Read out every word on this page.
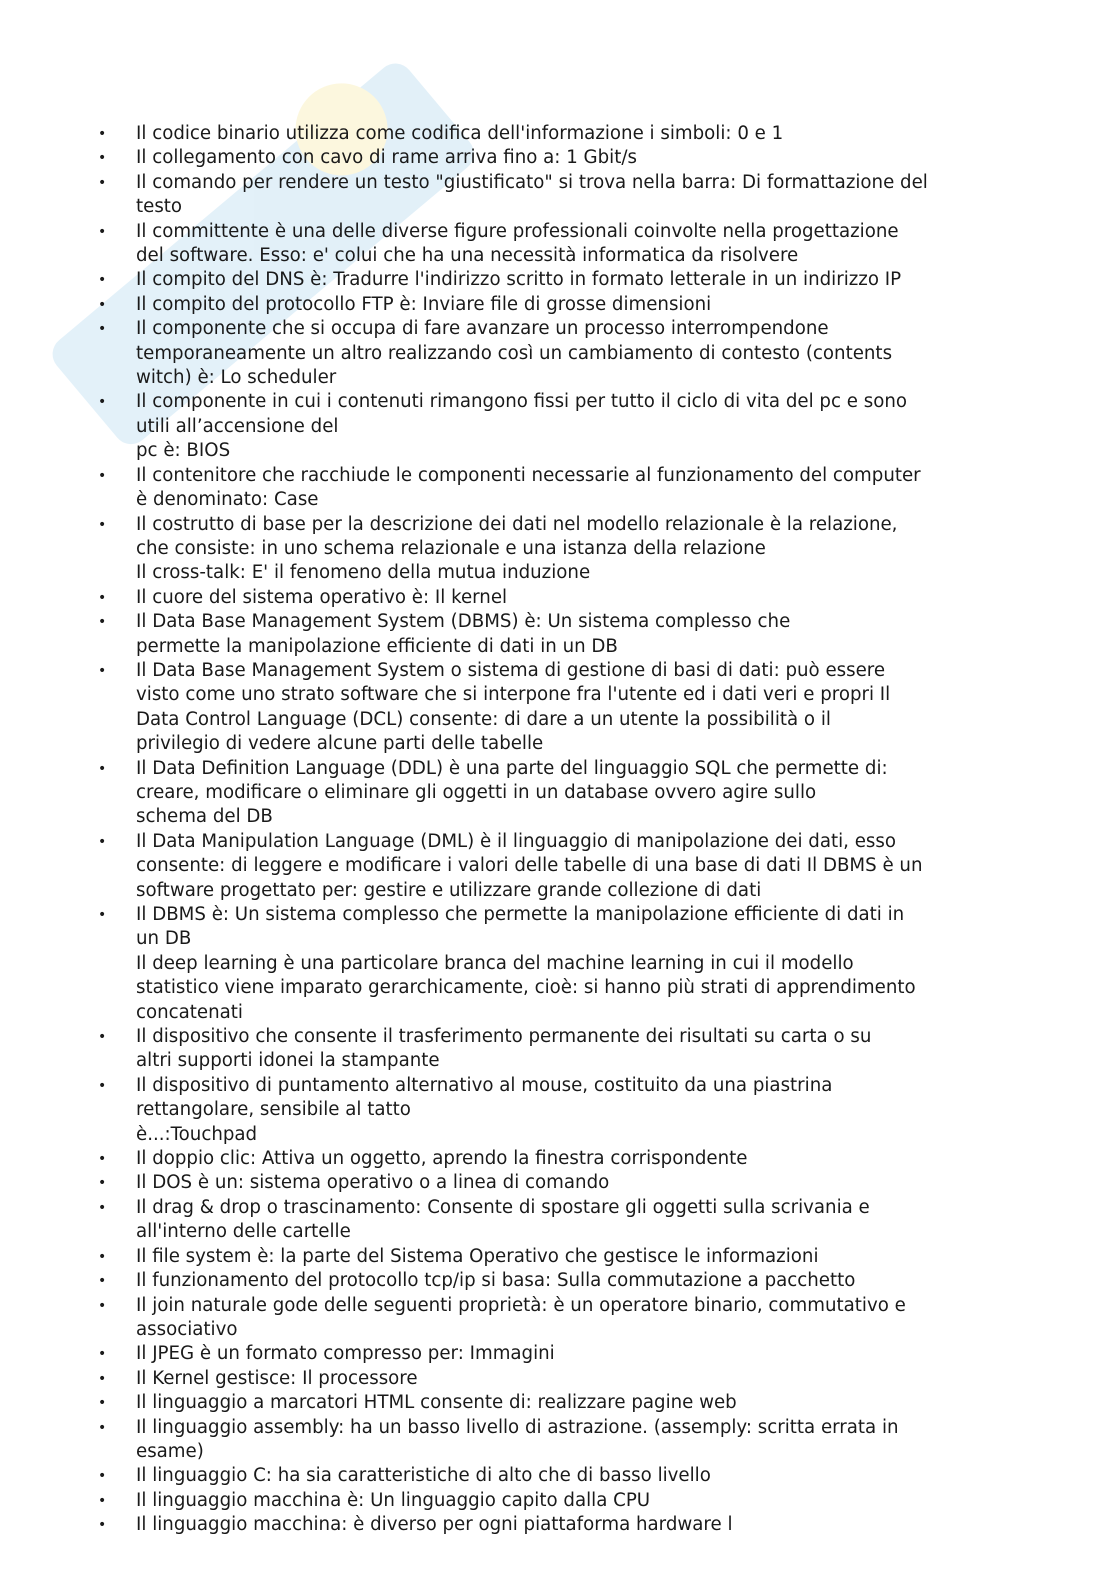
• Il codice binario utilizza come codifica dell'informazione i simboli: 0 e 1
• Il collegamento con cavo di rame arriva fino a: 1 Gbit/s
• Il comando per rendere un testo "giustificato" si trova nella barra: Di formattazione del
testo
• Il committente è una delle diverse figure professionali coinvolte nella progettazione
del software. Esso: e' colui che ha una necessità informatica da risolvere
• Il compito del DNS è: Tradurre l'indirizzo scritto in formato letterale in un indirizzo IP
• Il compito del protocollo FTP è: Inviare file di grosse dimensioni
• Il componente che si occupa di fare avanzare un processo interrompendone
temporaneamente un altro realizzando così un cambiamento di contesto (contents
witch) è: Lo scheduler
• Il componente in cui i contenuti rimangono fissi per tutto il ciclo di vita del pc e sono
utili all’accensione del
pc è: BIOS
• Il contenitore che racchiude le componenti necessarie al funzionamento del computer
è denominato: Case
• Il costrutto di base per la descrizione dei dati nel modello relazionale è la relazione,
che consiste: in uno schema relazionale e una istanza della relazione
Il cross-talk: E' il fenomeno della mutua induzione
• Il cuore del sistema operativo è: Il kernel
• Il Data Base Management System (DBMS) è: Un sistema complesso che
permette la manipolazione efficiente di dati in un DB
• Il Data Base Management System o sistema di gestione di basi di dati: può essere
visto come uno strato software che si interpone fra l'utente ed i dati veri e propri Il
Data Control Language (DCL) consente: di dare a un utente la possibilità o il
privilegio di vedere alcune parti delle tabelle
• Il Data Definition Language (DDL) è una parte del linguaggio SQL che permette di:
creare, modificare o eliminare gli oggetti in un database ovvero agire sullo
schema del DB
• Il Data Manipulation Language (DML) è il linguaggio di manipolazione dei dati, esso
consente: di leggere e modificare i valori delle tabelle di una base di dati Il DBMS è un
software progettato per: gestire e utilizzare grande collezione di dati
• Il DBMS è: Un sistema complesso che permette la manipolazione efficiente di dati in
un DB
Il deep learning è una particolare branca del machine learning in cui il modello
statistico viene imparato gerarchicamente, cioè: si hanno più strati di apprendimento
concatenati
• Il dispositivo che consente il trasferimento permanente dei risultati su carta o su
altri supporti idonei la stampante
• Il dispositivo di puntamento alternativo al mouse, costituito da una piastrina
rettangolare, sensibile al tatto
è...:Touchpad
• Il doppio clic: Attiva un oggetto, aprendo la finestra corrispondente
• Il DOS è un: sistema operativo o a linea di comando
• Il drag & drop o trascinamento: Consente di spostare gli oggetti sulla scrivania e
all'interno delle cartelle
• Il file system è: la parte del Sistema Operativo che gestisce le informazioni
• Il funzionamento del protocollo tcp/ip si basa: Sulla commutazione a pacchetto
• Il join naturale gode delle seguenti proprietà: è un operatore binario, commutativo e
associativo
• Il JPEG è un formato compresso per: Immagini
• Il Kernel gestisce: Il processore
• Il linguaggio a marcatori HTML consente di: realizzare pagine web
• Il linguaggio assembly: ha un basso livello di astrazione. (assemply: scritta errata in
esame)
• Il linguaggio C: ha sia caratteristiche di alto che di basso livello
• Il linguaggio macchina è: Un linguaggio capito dalla CPU
• Il linguaggio macchina: è diverso per ogni piattaforma hardware l
